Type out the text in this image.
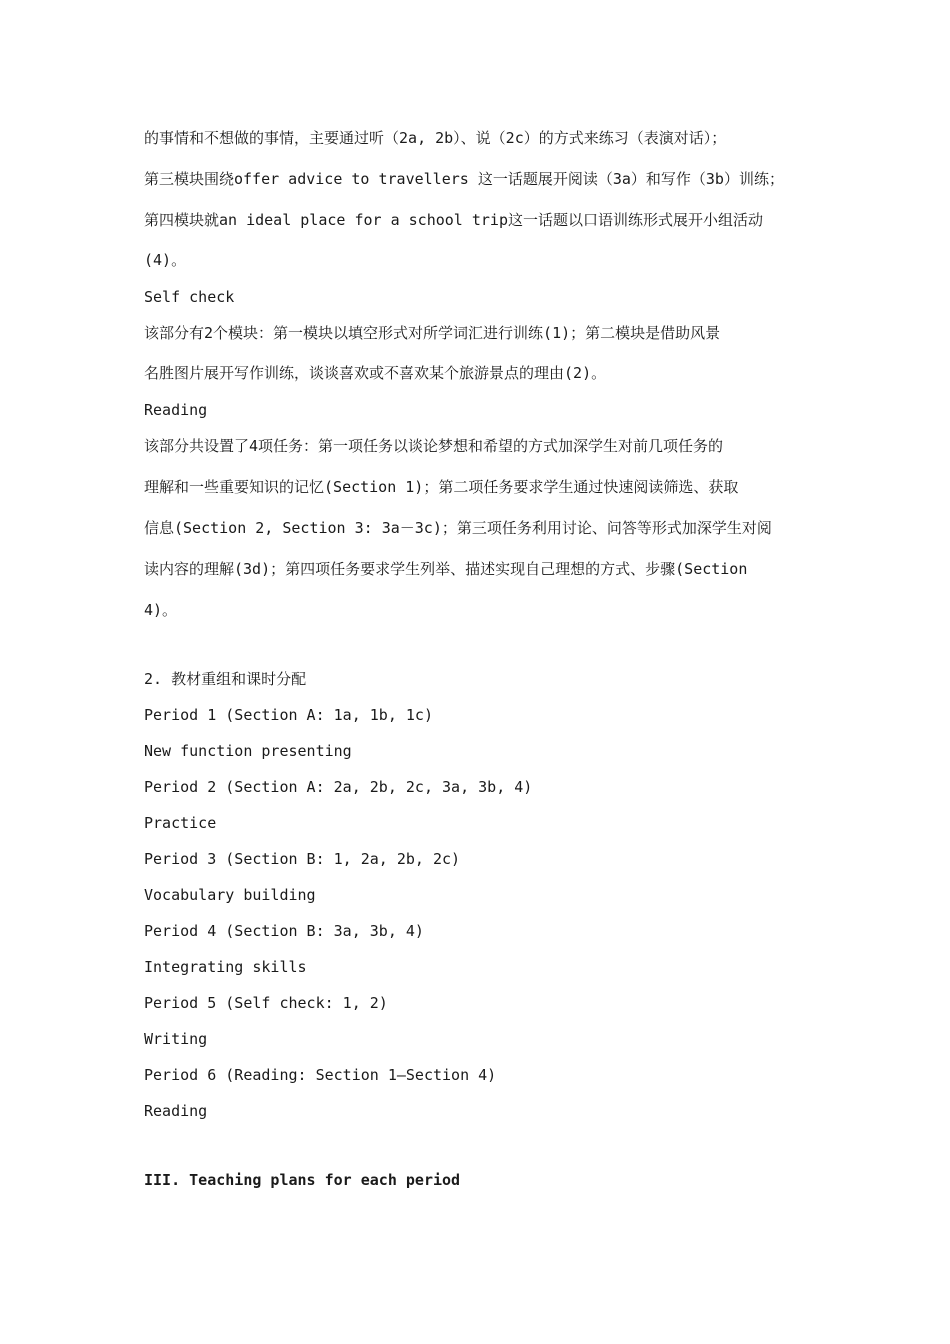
的事情和不想做的事情，主要通过听（2a, 2b）、说（2c）的方式来练习（表演对话）；
第三模块围绕offer advice to travellers 这一话题展开阅读（3a）和写作（3b）训练；
第四模块就an ideal place for a school trip这一话题以口语训练形式展开小组活动
(4)。
Self check
该部分有2个模块：第一模块以填空形式对所学词汇进行训练(1)；第二模块是借助风景
名胜图片展开写作训练，谈谈喜欢或不喜欢某个旅游景点的理由(2)。
Reading
该部分共设置了4项任务：第一项任务以谈论梦想和希望的方式加深学生对前几项任务的
理解和一些重要知识的记忆(Section 1)；第二项任务要求学生通过快速阅读筛选、获取
信息(Section 2, Section 3: 3a－3c)；第三项任务利用讨论、问答等形式加深学生对阅
读内容的理解(3d)；第四项任务要求学生列举、描述实现自己理想的方式、步骤(Section
4)。
2. 教材重组和课时分配
Period 1 (Section A: 1a, 1b, 1c)
New function presenting
Period 2 (Section A: 2a, 2b, 2c, 3a, 3b, 4)
Practice
Period 3 (Section B: 1, 2a, 2b, 2c)
Vocabulary building
Period 4 (Section B: 3a, 3b, 4)
Integrating skills
Period 5 (Self check: 1, 2)
Writing
Period 6 (Reading: Section 1—Section 4)
Reading
III. Teaching plans for each period
